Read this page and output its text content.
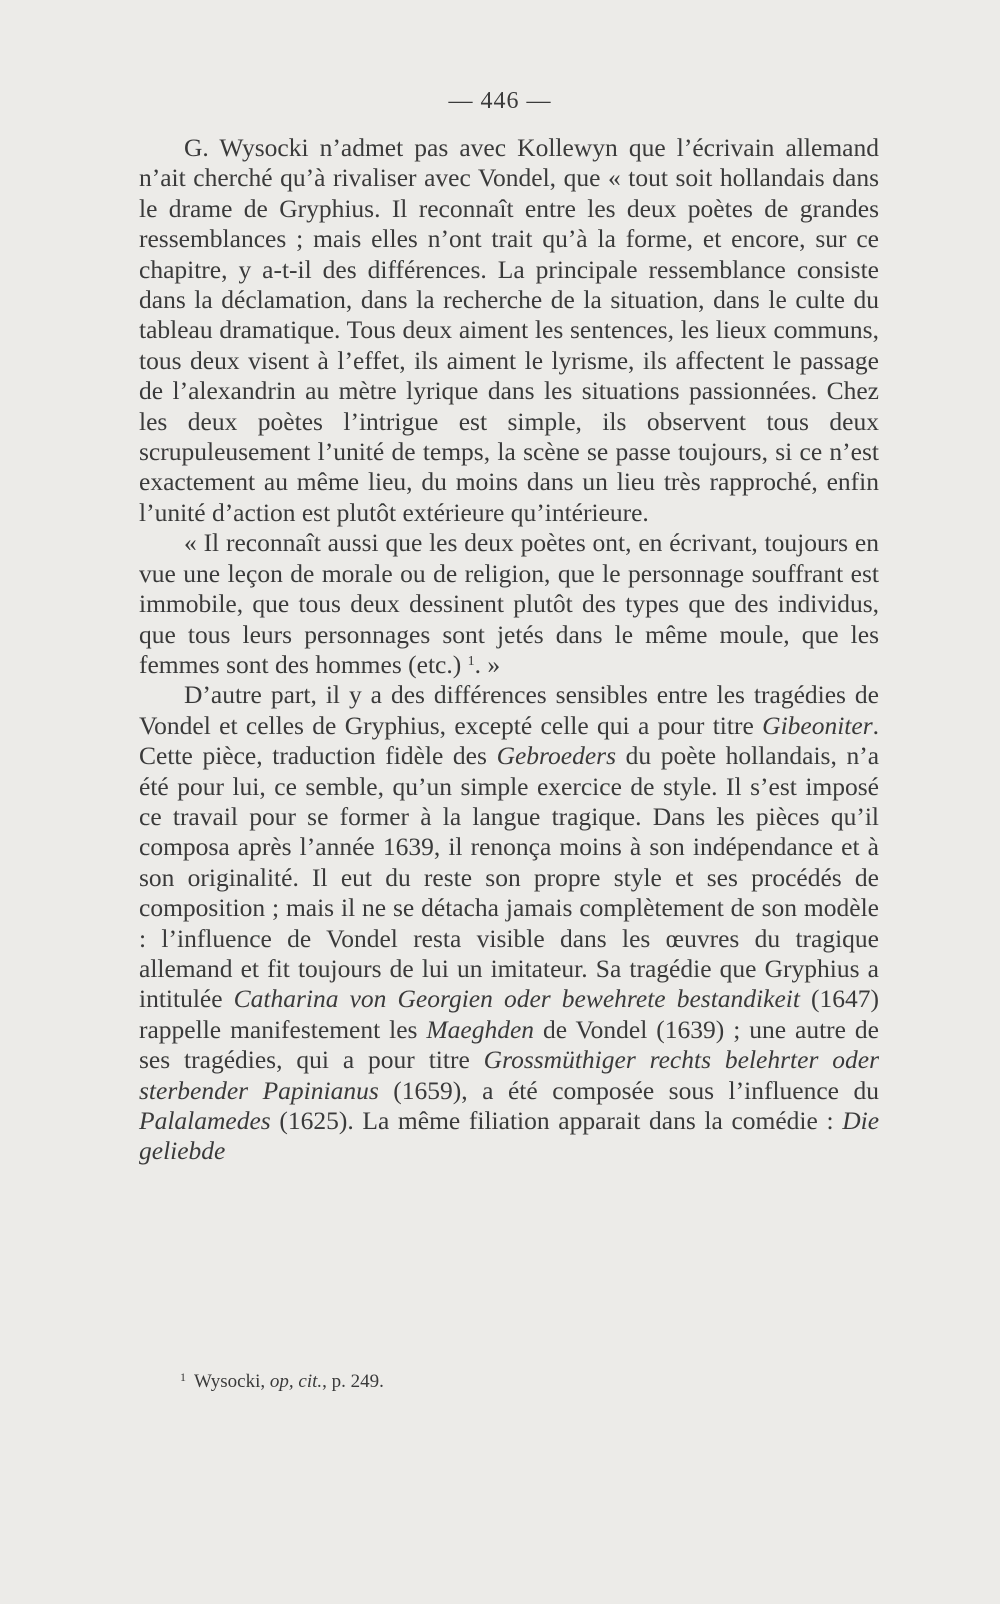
— 446 —

G. Wysocki n’admet pas avec Kollewyn que l’écrivain allemand n’ait cherché qu’à rivaliser avec Vondel, que « tout soit hollandais dans le drame de Gryphius. Il reconnaît entre les deux poètes de grandes ressemblances ; mais elles n’ont trait qu’à la forme, et encore, sur ce chapitre, y a-t-il des différences. La principale ressemblance consiste dans la déclamation, dans la recherche de la situation, dans le culte du tableau dramatique. Tous deux aiment les sentences, les lieux communs, tous deux visent à l’effet, ils aiment le lyrisme, ils affectent le passage de l’alexandrin au mètre lyrique dans les situations passionnées. Chez les deux poètes l’intrigue est simple, ils observent tous deux scrupuleusement l’unité de temps, la scène se passe toujours, si ce n’est exactement au même lieu, du moins dans un lieu très rapproché, enfin l’unité d’action est plutôt extérieure qu’intérieure.

« Il reconnaît aussi que les deux poètes ont, en écrivant, toujours en vue une leçon de morale ou de religion, que le personnage souffrant est immobile, que tous deux dessinent plutôt des types que des individus, que tous leurs personnages sont jetés dans le même moule, que les femmes sont des hommes (etc.) $^1$. »

D’autre part, il y a des différences sensibles entre les tragédies de Vondel et celles de Gryphius, excepté celle qui a pour titre Gibeoniter. Cette pièce, traduction fidèle des Gebroeders du poète hollandais, n’a été pour lui, ce semble, qu’un simple exercice de style. Il s’est imposé ce travail pour se former à la langue tragique. Dans les pièces qu’il composa après l’année 1639, il renonça moins à son indépendance et à son originalité. Il eut du reste son propre style et ses procédés de composition ; mais il ne se détacha jamais complètement de son modèle : l’influence de Vondel resta visible dans les œuvres du tragique allemand et fit toujours de lui un imitateur. Sa tragédie que Gryphius a intitulée Catharina von Georgien oder bewehrete bestandikeit (1647) rappelle manifestement les Maeghden de Vondel (1639) ; une autre de ses tragédies, qui a pour titre Grossmüthiger rechts belehrter oder sterbender Papinianus (1659), a été composée sous l’influence du Palalamedes (1625). La même filiation apparait dans la comédie : Die geliebde

$^1$ Wysocki, op, cit., p. 249.
